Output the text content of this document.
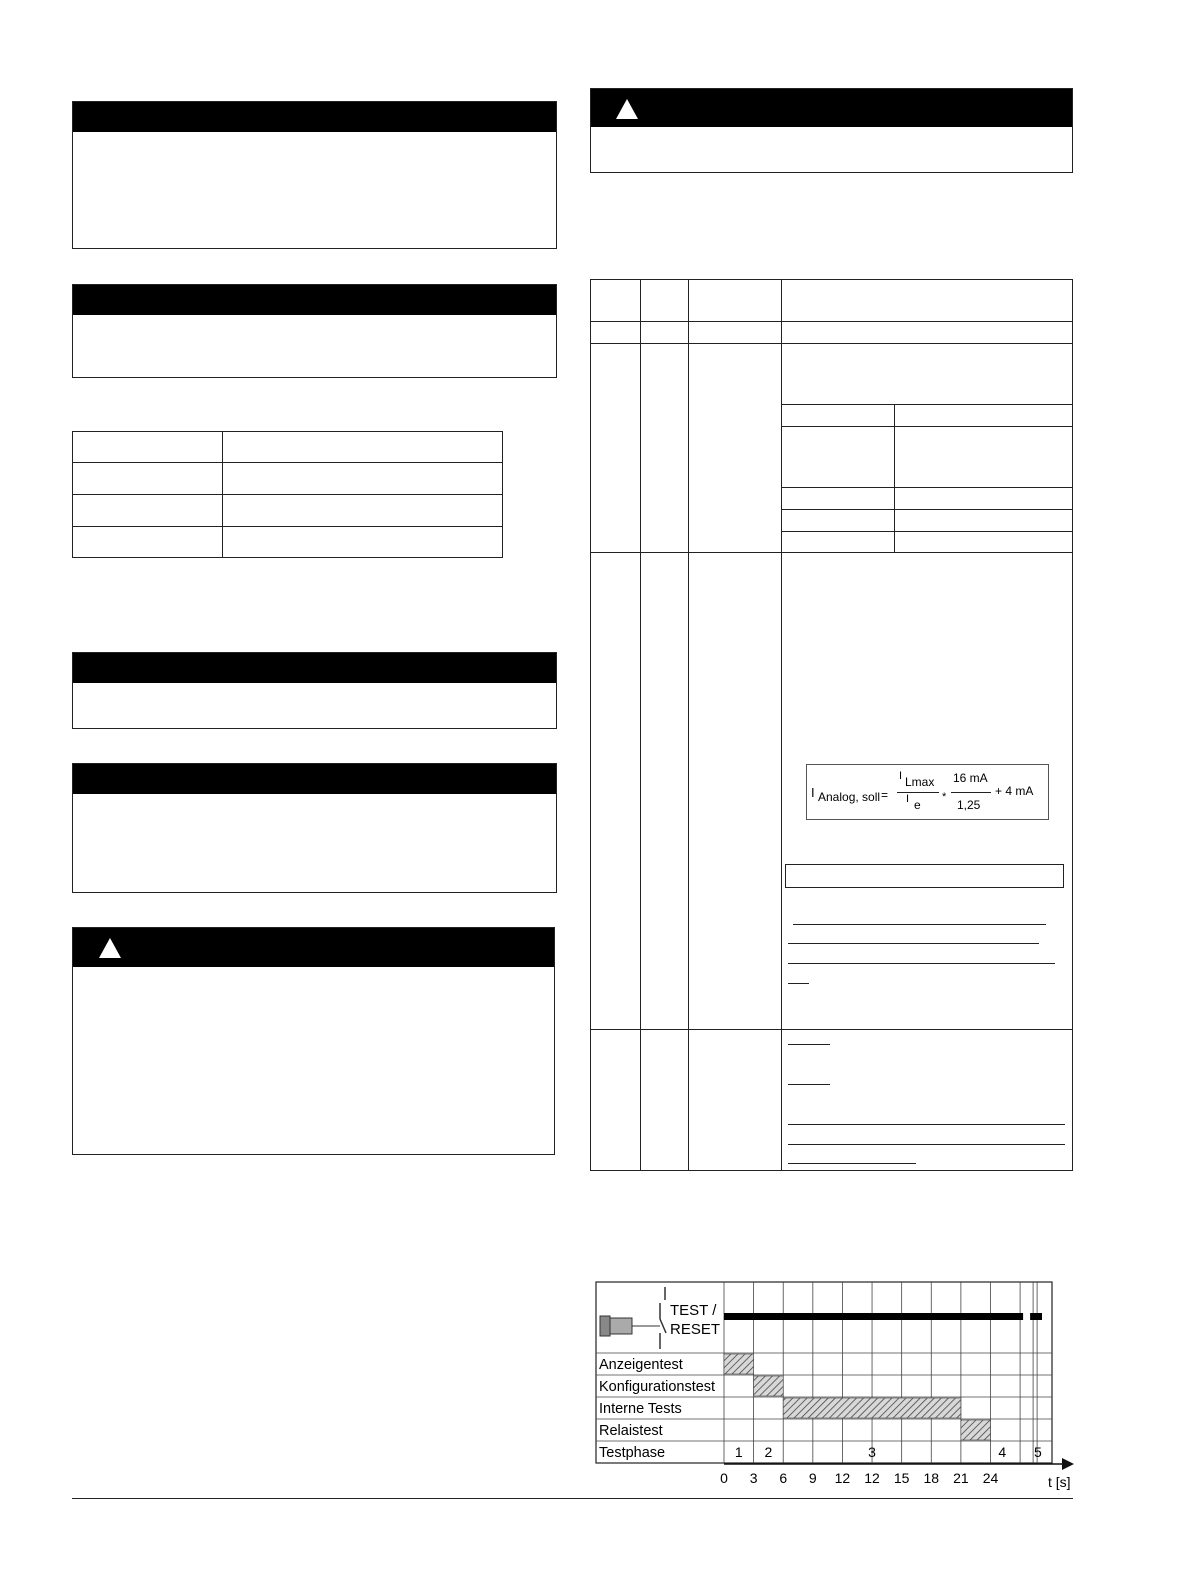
I Analog, soll =
I Lmax
I e
*
16 mA
1,25
+ 4 mA
TEST /
RESET
Anzeigentest
Konfigurationstest
Interne Tests
Relaistest
Testphase	1 2	3	4 5
0 3 6 9 12 12 15 18 21 24	t [s]
